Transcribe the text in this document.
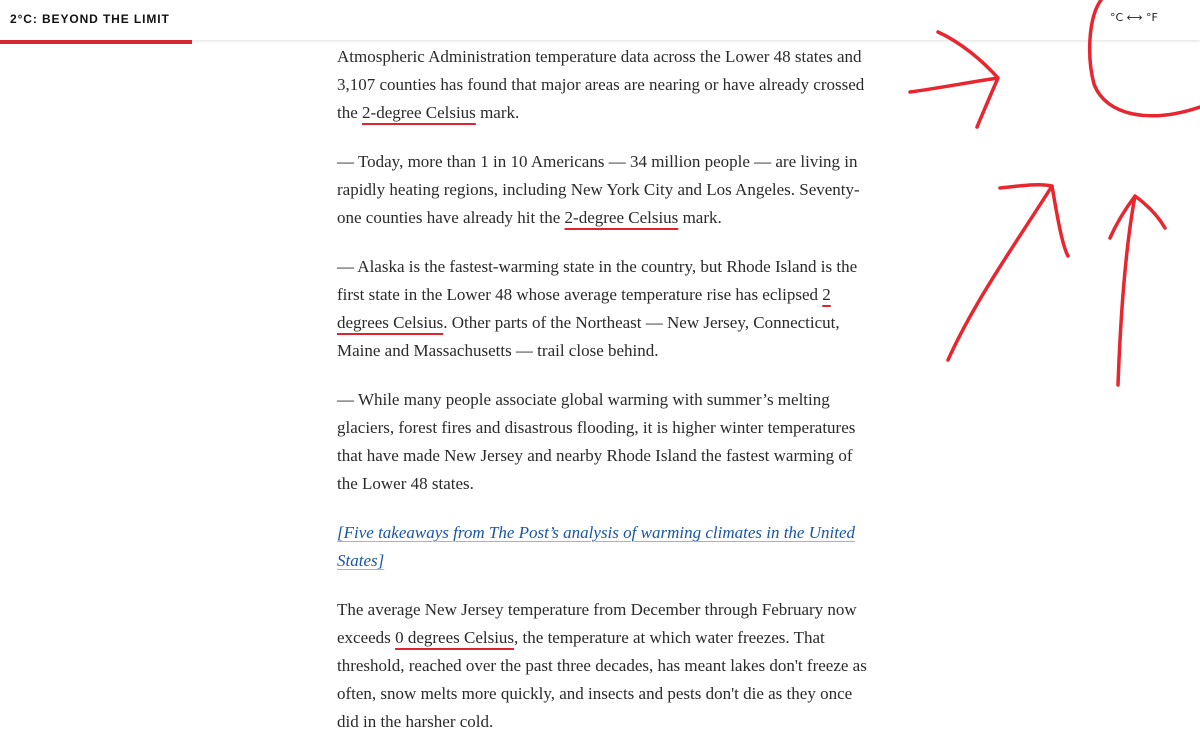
2°C: BEYOND THE LIMIT	°C ⟷ °F

Atmospheric Administration temperature data across the Lower 48 states and 3,107 counties has found that major areas are nearing or have already crossed the 2-degree Celsius mark.

— Today, more than 1 in 10 Americans — 34 million people — are living in rapidly heating regions, including New York City and Los Angeles. Seventy-one counties have already hit the 2-degree Celsius mark.

— Alaska is the fastest-warming state in the country, but Rhode Island is the first state in the Lower 48 whose average temperature rise has eclipsed 2 degrees Celsius. Other parts of the Northeast — New Jersey, Connecticut, Maine and Massachusetts — trail close behind.

— While many people associate global warming with summer’s melting glaciers, forest fires and disastrous flooding, it is higher winter temperatures that have made New Jersey and nearby Rhode Island the fastest warming of the Lower 48 states.

[Five takeaways from The Post’s analysis of warming climates in the United States]

The average New Jersey temperature from December through February now exceeds 0 degrees Celsius, the temperature at which water freezes. That threshold, reached over the past three decades, has meant lakes don't freeze as often, snow melts more quickly, and insects and pests don't die as they once did in the harsher cold.
